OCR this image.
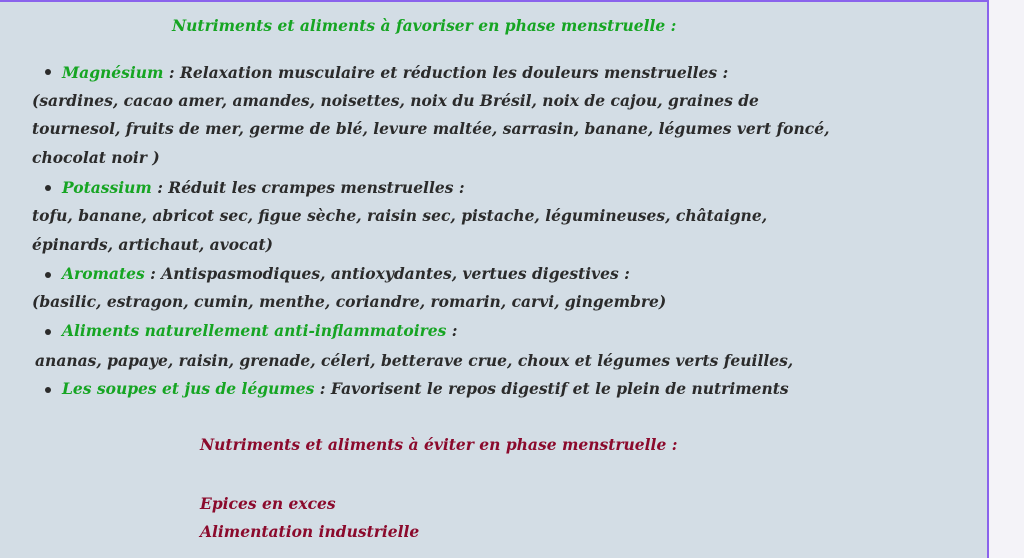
Nutriments et aliments à favoriser en phase menstruelle :
Magnésium : Relaxation musculaire et réduction les douleurs menstruelles :
(sardines, cacao amer, amandes, noisettes, noix du Brésil, noix de cajou, graines de
tournesol, fruits de mer, germe de blé, levure maltée, sarrasin, banane, légumes vert foncé,
chocolat noir )
Potassium : Réduit les crampes menstruelles :
tofu, banane, abricot sec, figue sèche, raisin sec, pistache, légumineuses, châtaigne,
épinards, artichaut, avocat)
Aromates : Antispasmodiques, antioxydantes, vertues digestives :
(basilic, estragon, cumin, menthe, coriandre, romarin, carvi, gingembre)
Aliments naturellement anti-inflammatoires :
ananas, papaye, raisin, grenade, céleri, betterave crue, choux et légumes verts feuilles,
Les soupes et jus de légumes : Favorisent le repos digestif et le plein de nutriments
Nutriments et aliments à éviter en phase menstruelle :
Epices en exces
Alimentation industrielle
